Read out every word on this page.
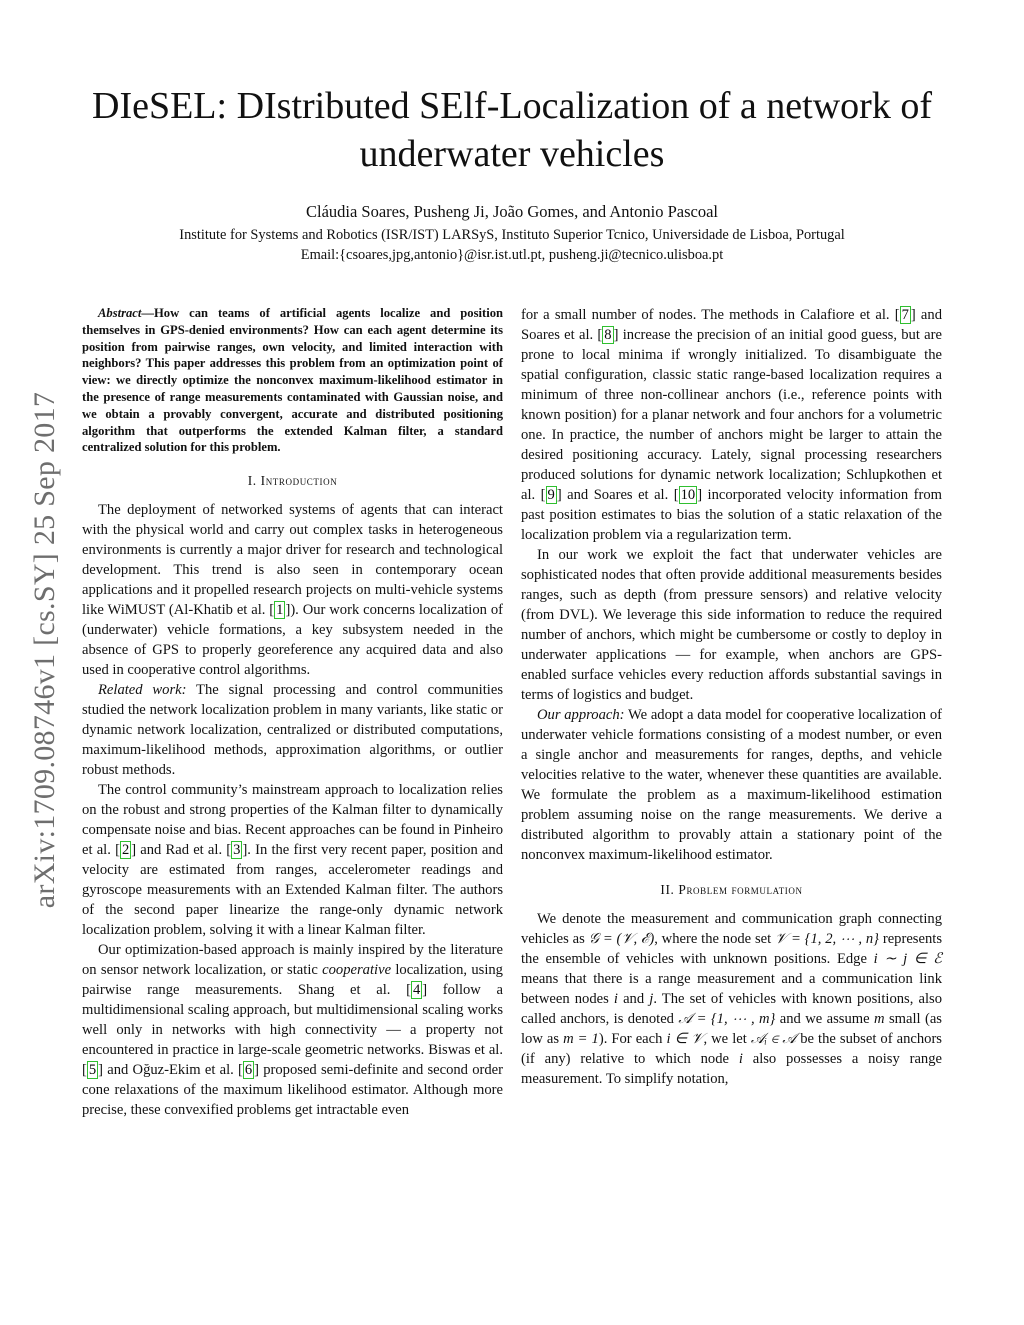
arXiv:1709.08746v1 [cs.SY] 25 Sep 2017
DIeSEL: DIstributed SElf-Localization of a network of underwater vehicles
Cláudia Soares, Pusheng Ji, João Gomes, and Antonio Pascoal
Institute for Systems and Robotics (ISR/IST) LARSyS, Instituto Superior Tcnico, Universidade de Lisboa, Portugal
Email:{csoares,jpg,antonio}@isr.ist.utl.pt, pusheng.ji@tecnico.ulisboa.pt

Abstract—How can teams of artificial agents localize and position themselves in GPS-denied environments? How can each agent determine its position from pairwise ranges, own velocity, and limited interaction with neighbors? This paper addresses this problem from an optimization point of view: we directly optimize the nonconvex maximum-likelihood estimator in the presence of range measurements contaminated with Gaussian noise, and we obtain a provably convergent, accurate and distributed positioning algorithm that outperforms the extended Kalman filter, a standard centralized solution for this problem.

I. Introduction

The deployment of networked systems of agents that can interact with the physical world and carry out complex tasks in heterogeneous environments is currently a major driver for research and technological development. This trend is also seen in contemporary ocean applications and it propelled research projects on multi-vehicle systems like WiMUST (Al-Khatib et al. [ 1 ]). Our work concerns localization of (underwater) vehicle formations, a key subsystem needed in the absence of GPS to properly georeference any acquired data and also used in cooperative control algorithms.

Related work: The signal processing and control communities studied the network localization problem in many variants, like static or dynamic network localization, centralized or distributed computations, maximum-likelihood methods, approximation algorithms, or outlier robust methods.

The control community’s mainstream approach to localization relies on the robust and strong properties of the Kalman filter to dynamically compensate noise and bias. Recent approaches can be found in Pinheiro et al. [ 2 ] and Rad et al. [ 3 ]. In the first very recent paper, position and velocity are estimated from ranges, accelerometer readings and gyroscope measurements with an Extended Kalman filter. The authors of the second paper linearize the range-only dynamic network localization problem, solving it with a linear Kalman filter.

Our optimization-based approach is mainly inspired by the literature on sensor network localization, or static cooperative localization, using pairwise range measurements. Shang et al. [ 4 ] follow a multidimensional scaling approach, but multidimensional scaling works well only in networks with high connectivity — a property not encountered in practice in large-scale geometric networks. Biswas et al. [ 5 ] and Oğuz-Ekim et al. [ 6 ] proposed semi-definite and second order cone relaxations of the maximum likelihood estimator. Although more precise, these convexified problems get intractable even

for a small number of nodes. The methods in Calafiore et al. [ 7 ] and Soares et al. [ 8 ] increase the precision of an initial good guess, but are prone to local minima if wrongly initialized. To disambiguate the spatial configuration, classic static range-based localization requires a minimum of three non-collinear anchors (i.e., reference points with known position) for a planar network and four anchors for a volumetric one. In practice, the number of anchors might be larger to attain the desired positioning accuracy. Lately, signal processing researchers produced solutions for dynamic network localization; Schlupkothen et al. [ 9 ] and Soares et al. [ 10 ] incorporated velocity information from past position estimates to bias the solution of a static relaxation of the localization problem via a regularization term.

In our work we exploit the fact that underwater vehicles are sophisticated nodes that often provide additional measurements besides ranges, such as depth (from pressure sensors) and relative velocity (from DVL). We leverage this side information to reduce the required number of anchors, which might be cumbersome or costly to deploy in underwater applications — for example, when anchors are GPS-enabled surface vehicles every reduction affords substantial savings in terms of logistics and budget.

Our approach: We adopt a data model for cooperative localization of underwater vehicle formations consisting of a modest number, or even a single anchor and measurements for ranges, depths, and vehicle velocities relative to the water, whenever these quantities are available. We formulate the problem as a maximum-likelihood estimation problem assuming noise on the range measurements. We derive a distributed algorithm to provably attain a stationary point of the nonconvex maximum-likelihood estimator.

II. Problem formulation

We denote the measurement and communication graph connecting vehicles as 𝒢 = (𝒱, ℰ), where the node set 𝒱 = {1, 2, ⋯ , n} represents the ensemble of vehicles with unknown positions. Edge i ∼ j ∈ ℰ means that there is a range measurement and a communication link between nodes i and j. The set of vehicles with known positions, also called anchors, is denoted 𝒜 = {1, ⋯ , m} and we assume m small (as low as m = 1). For each i ∈ 𝒱, we let 𝒜ᵢ ∈ 𝒜 be the subset of anchors (if any) relative to which node i also possesses a noisy range measurement. To simplify notation,
